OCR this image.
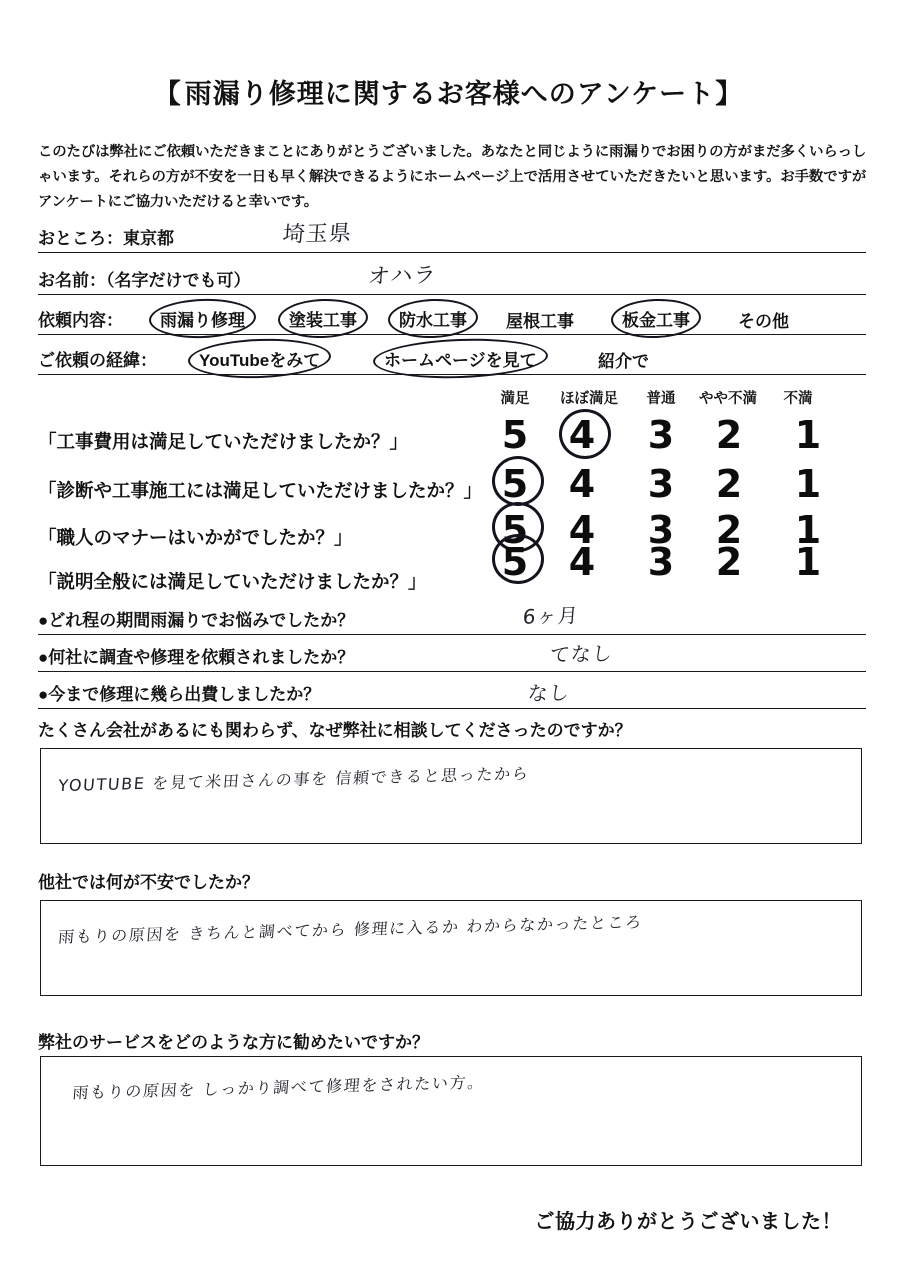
【雨漏り修理に関するお客様へのアンケート】
このたびは弊社にご依頼いただきまことにありがとうございました。あなたと同じように雨漏りでお困りの方がまだ多くいらっしゃいます。それらの方が不安を一日も早く解決できるようにホームページ上で活用させていただきたいと思います。お手数ですがアンケートにご協力いただけると幸いです。
おところ：東京都	埼玉県
お名前：（名字だけでも可）	オハラ
依頼内容：	雨漏り修理	塗装工事	防水工事	屋根工事	板金工事	その他
ご依頼の経緯：	YouTubeをみて	ホームページを見て	紹介で
満足	ほぼ満足	普通	やや不満	不満
「工事費用は満足していただけましたか？」 5 4 3 2 1
「診断や工事施工には満足していただけましたか？」 5 4 3 2 1
「職人のマナーはいかがでしたか？」	5 4 3 2 1
「説明全般には満足していただけましたか？」 5 4 3 2 1
●どれ程の期間雨漏りでお悩みでしたか？	6ヶ月
●何社に調査や修理を依頼されましたか？	てなし
●今まで修理に幾ら出費しましたか？	なし
たくさん会社があるにも関わらず、なぜ弊社に相談してくださったのですか？
YOUTUBE を見て米田さんの事を 信頼できると思ったから
他社では何が不安でしたか？
雨もりの原因を きちんと調べてから 修理に入るか わからなかったところ
弊社のサービスをどのような方に勧めたいですか？
雨もりの原因を しっかり調べて修理をされたい方。
ご協力ありがとうございました！
